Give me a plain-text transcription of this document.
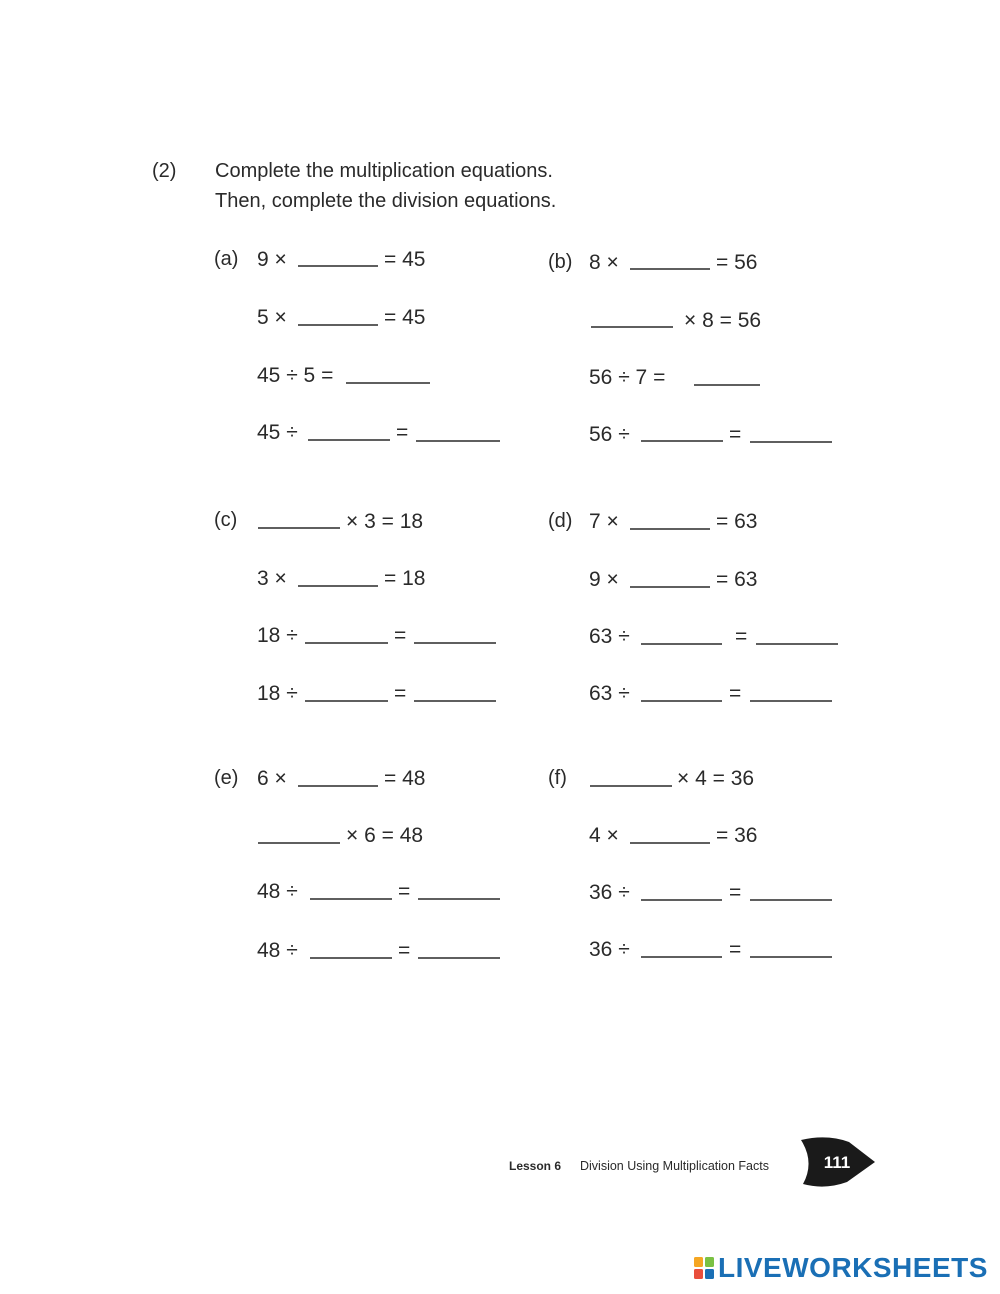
(2) Complete the multiplication equations.
Then, complete the division equations.
(a) 9 ×	= 45
5 ×	= 45
45 ÷ 5 =
45 ÷	=
(b) 8 ×	= 56
× 8 = 56
56 ÷ 7 =
56 ÷	=
(c)	× 3 = 18
3 ×	= 18
18 ÷	=
18 ÷	=
(d) 7 ×	= 63
9 ×	= 63
63 ÷	=
63 ÷	=
(e) 6 ×	= 48
× 6 = 48
48 ÷	=
48 ÷	=
(f)	× 4 = 36
4 ×	= 36
36 ÷	=
36 ÷	=
Lesson 6 Division Using Multiplication Facts	111
LIVEWORKSHEETS
